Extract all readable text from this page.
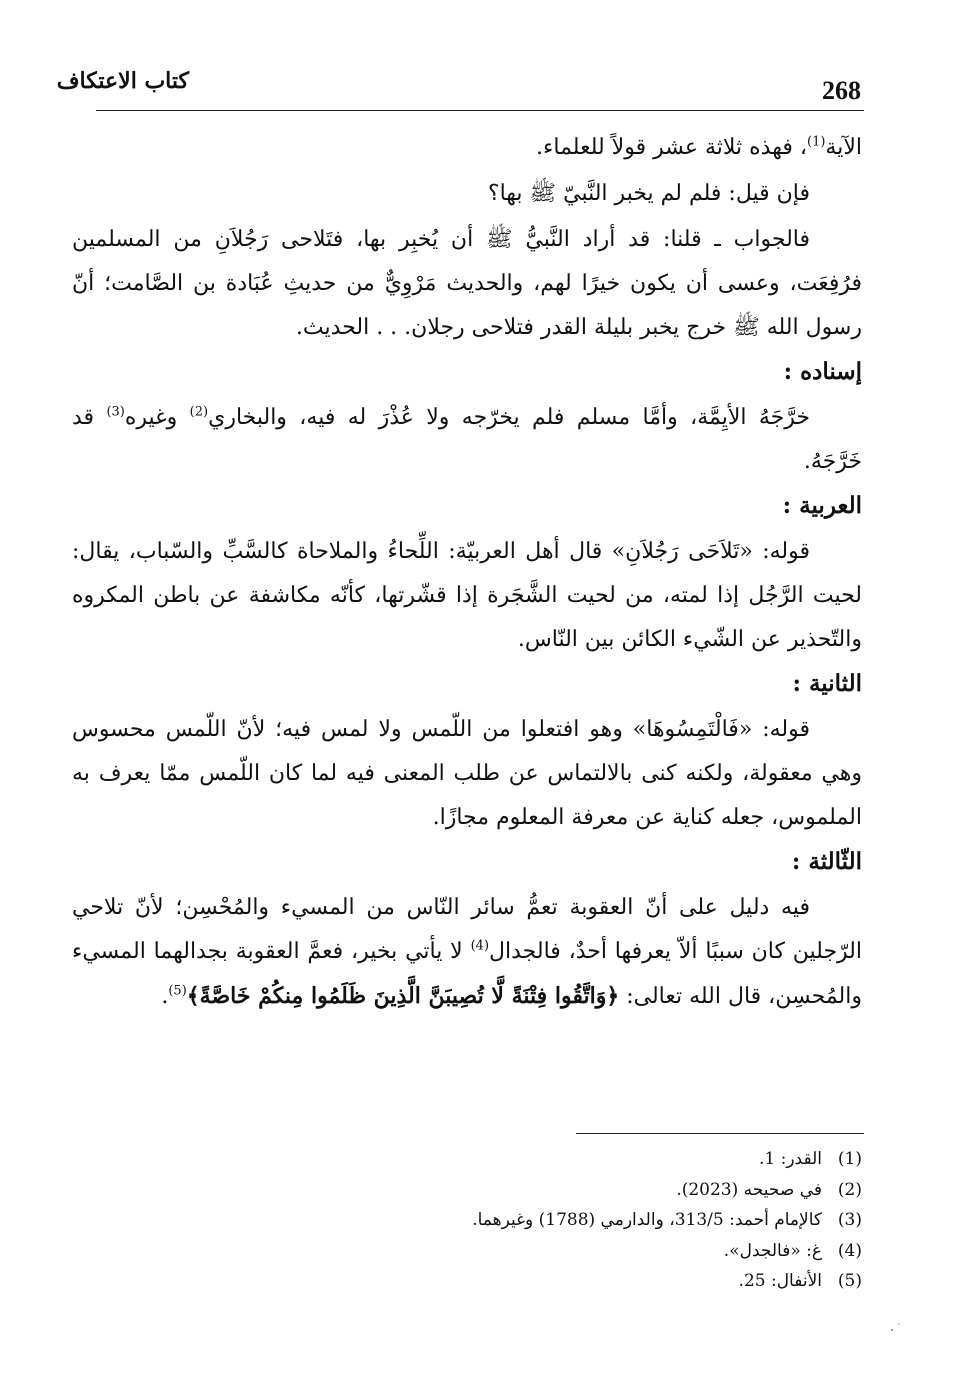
268
كتاب الاعتكاف

الآية$^{(1)}$، فهذه ثلاثة عشر قولاً للعلماء.

فإن قيل: فلم لم يخبر النَّبيّ ﷺ بها؟

فالجواب ـ قلنا: قد أراد النَّبيُّ ﷺ أن يُخبِر بها، فتَلاحى رَجُلاَنِ من المسلمين فرُفِعَت، وعسى أن يكون خيرًا لهم، والحديث مَرْوِيٌّ من حديثِ عُبَادة بن الصَّامت؛ أنّ رسول الله ﷺ خرج يخبر بليلة القدر فتلاحى رجلان. . . الحديث.

إسناده :

خرَّجَهُ الأيِمَّة، وأمَّا مسلم فلم يخرّجه ولا عُذْرَ له فيه، والبخاري$^{(2)}$ وغيره$^{(3)}$ قد خَرَّجَهُ.

العربية :

قوله: «تَلاَحَى رَجُلاَنِ» قال أهل العربيّة: اللِّحاءُ والملاحاة كالسَّبِّ والسّباب، يقال: لحيت الرَّجُل إذا لمته، من لحيت الشَّجَرة إذا قشّرتها، كأنّه مكاشفة عن باطن المكروه والتّحذير عن الشّيء الكائن بين النّاس.

الثانية :

قوله: «فَالْتَمِسُوهَا» وهو افتعلوا من اللّمس ولا لمس فيه؛ لأنّ اللّمس محسوس وهي معقولة، ولكنه كنى بالالتماس عن طلب المعنى فيه لما كان اللّمس ممّا يعرف به الملموس، جعله كناية عن معرفة المعلوم مجازًا.

الثّالثة :

فيه دليل على أنّ العقوبة تعمُّ سائر النّاس من المسيء والمُحْسِن؛ لأنّ تلاحي الرّجلين كان سببًا ألاّ يعرفها أحدٌ، فالجدال$^{(4)}$ لا يأتي بخير، فعمَّ العقوبة بجدالهما المسيء والمُحسِن، قال الله تعالى: ﴿وَاتَّقُوا فِتْنَةً لَّا تُصِيبَنَّ الَّذِينَ ظَلَمُوا مِنكُمْ خَاصَّةً﴾$^{(5)}$.

(1)
القدر: 1.

(2)
في صحيحه (2023).

(3)
كالإمام أحمد: 313/5، والدارمي (1788) وغيرهما.

(4)
غ: «فالجدل».

(5)
الأنفال: 25.
